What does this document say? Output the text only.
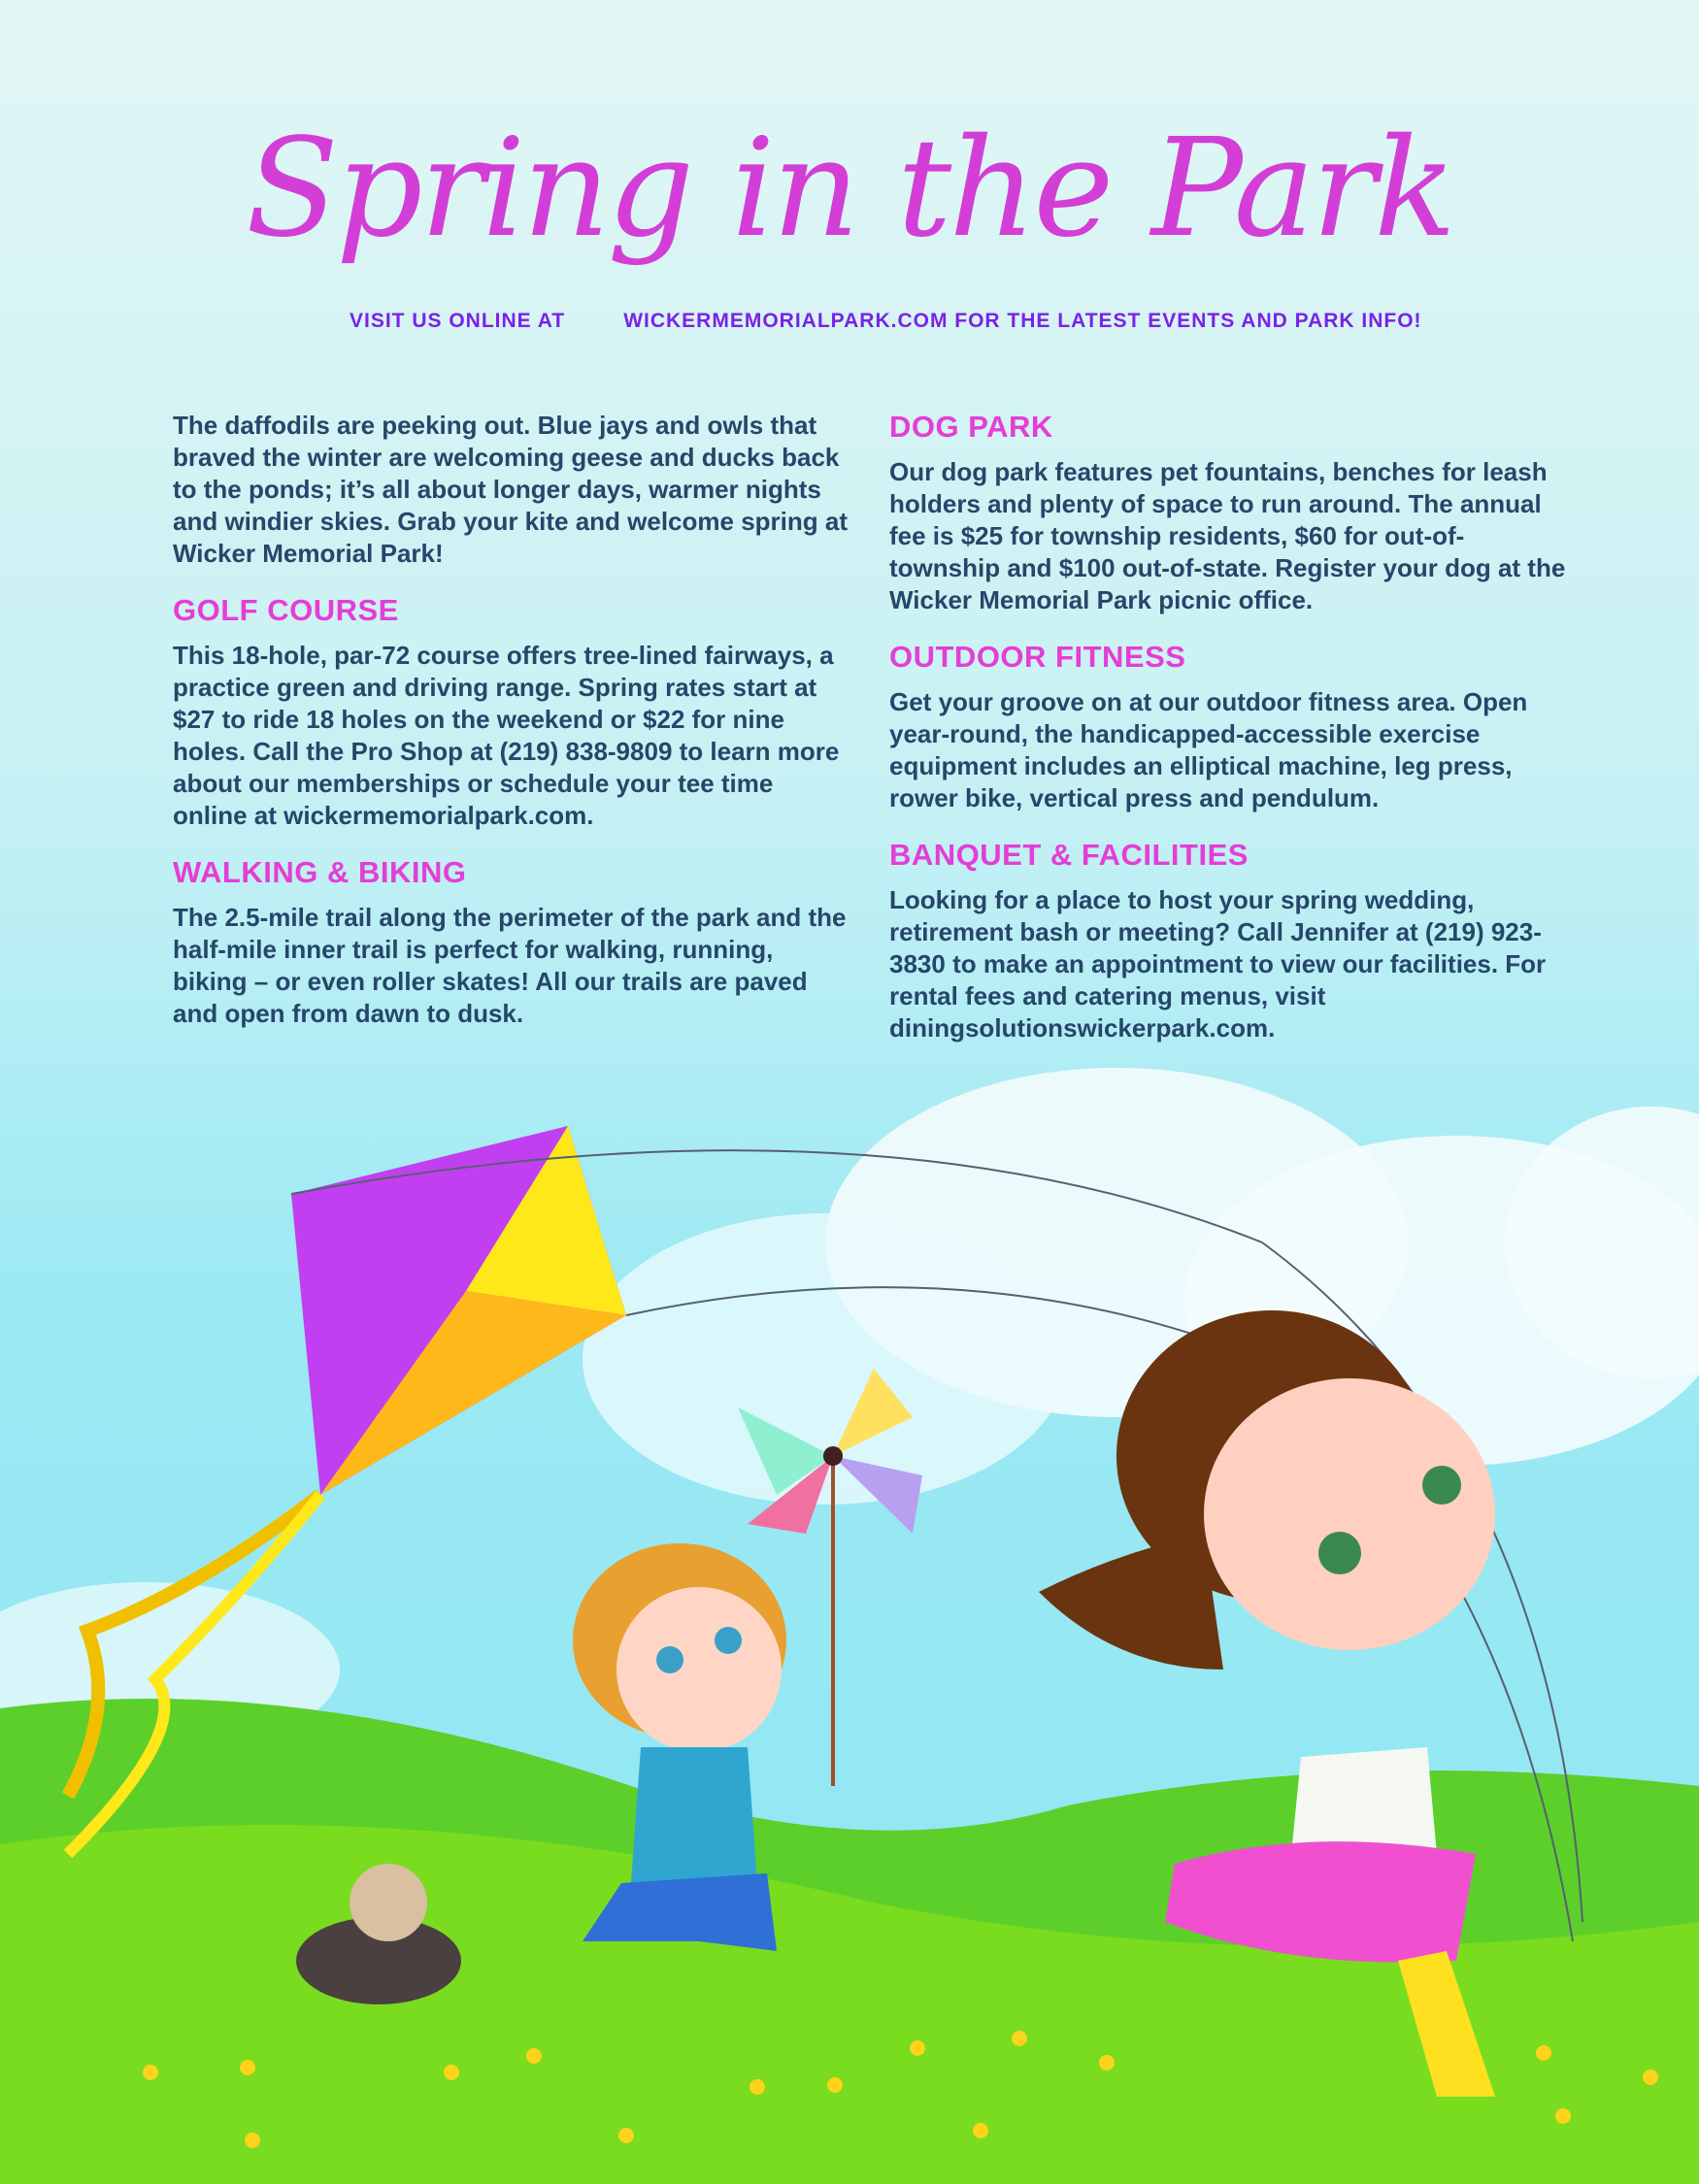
Spring in the Park
VISIT US ONLINE AT	WICKERMEMORIALPARK.COM FOR THE LATEST EVENTS AND PARK INFO!

The daffodils are peeking out. Blue jays and owls that braved the winter are welcoming geese and ducks back to the ponds; it’s all about longer days, warmer nights and windier skies. Grab your kite and welcome spring at Wicker Memorial Park!

GOLF COURSE

This 18-hole, par-72 course offers tree-lined fairways, a practice green and driving range. Spring rates start at $27 to ride 18 holes on the weekend or $22 for nine holes. Call the Pro Shop at (219) 838-9809 to learn more about our memberships or schedule your tee time online at wickermemorialpark.com.

WALKING & BIKING

The 2.5-mile trail along the perimeter of the park and the half-mile inner trail is perfect for walking, running, biking – or even roller skates! All our trails are paved and open from dawn to dusk.

DOG PARK

Our dog park features pet fountains, benches for leash holders and plenty of space to run around. The annual fee is $25 for township residents, $60 for out-of-township and $100 out-of-state. Register your dog at the Wicker Memorial Park picnic office.

OUTDOOR FITNESS

Get your groove on at our outdoor fitness area. Open year-round, the handicapped-accessible exercise equipment includes an elliptical machine, leg press, rower bike, vertical press and pendulum.

BANQUET & FACILITIES

Looking for a place to host your spring wedding, retirement bash or meeting? Call Jennifer at (219) 923-3830 to make an appointment to view our facilities. For rental fees and catering menus, visit diningsolutionswickerpark.com.
